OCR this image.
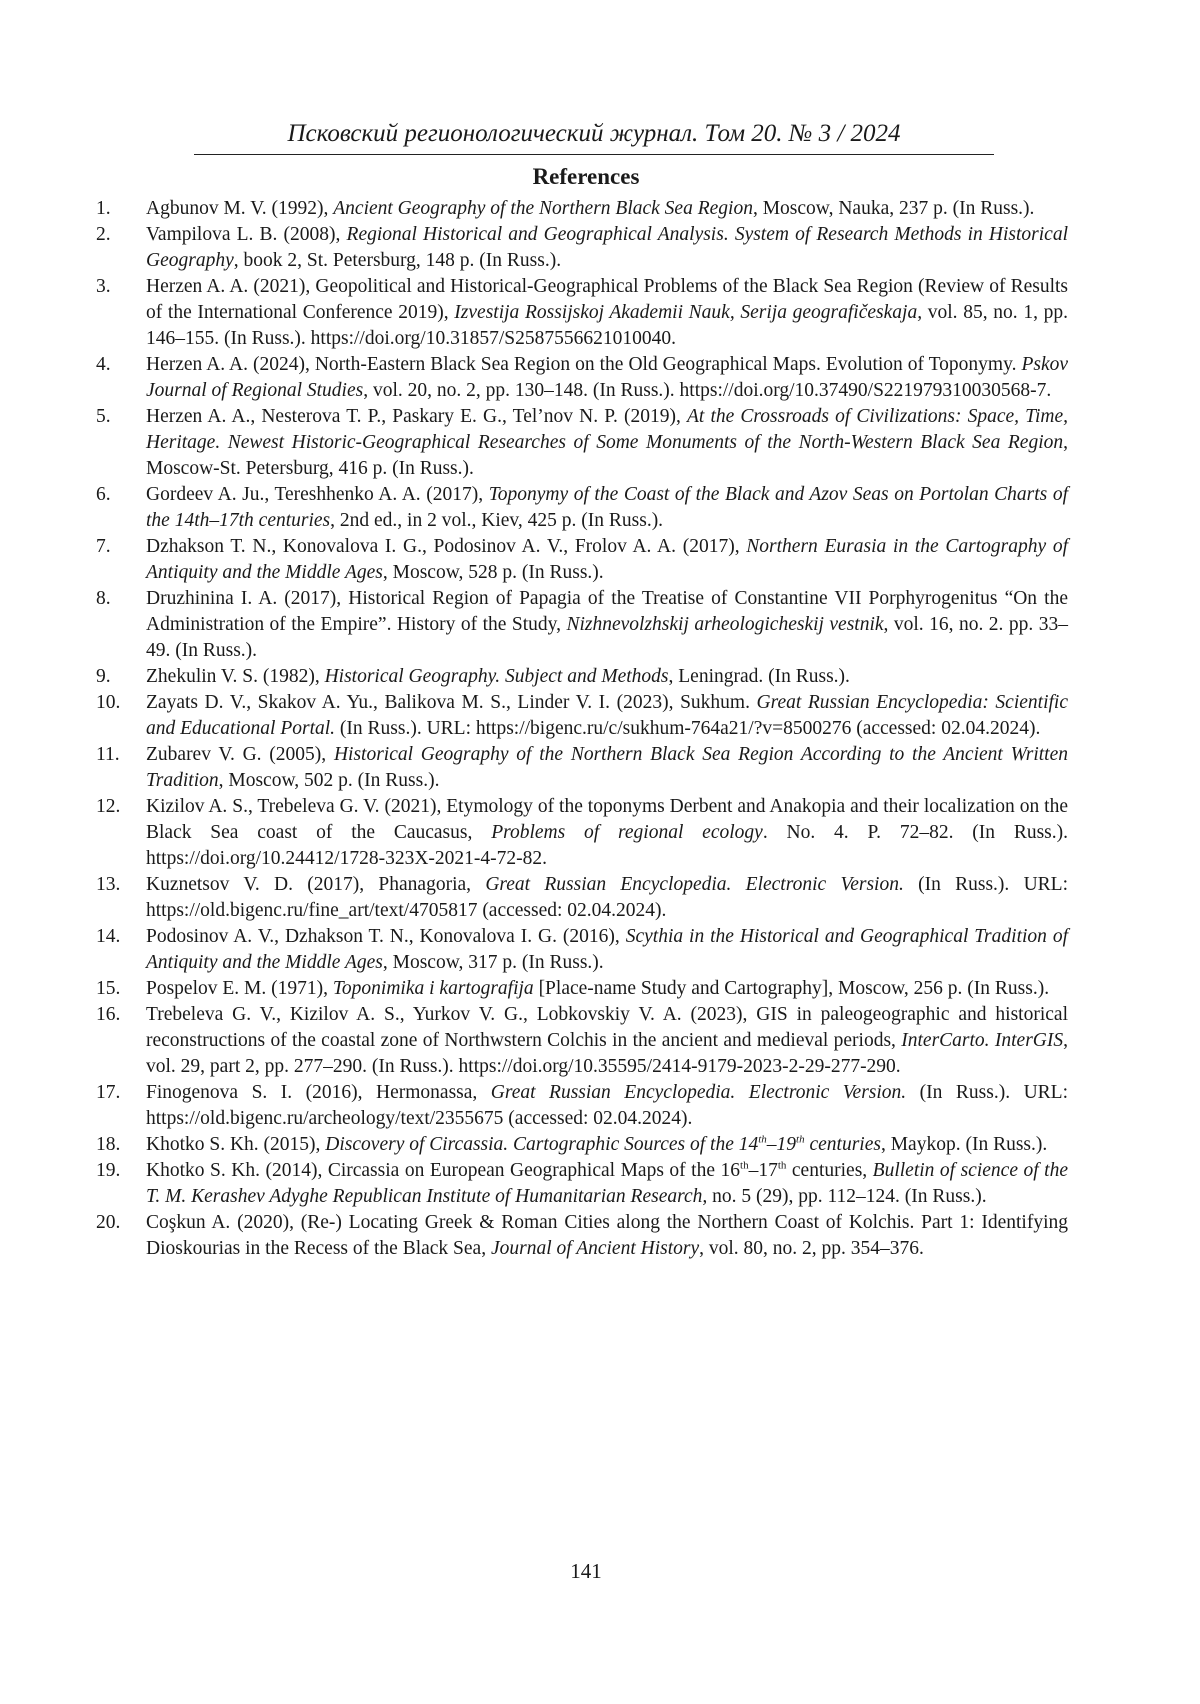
Псковский регионологический журнал. Том 20. № 3 / 2024
References
1.	Agbunov M. V. (1992), Ancient Geography of the Northern Black Sea Region, Moscow, Nauka, 237 p. (In Russ.).
2.	Vampilova L. B. (2008), Regional Historical and Geographical Analysis. System of Research Methods in Historical Geography, book 2, St. Petersburg, 148 p. (In Russ.).
3.	Herzen A. A. (2021), Geopolitical and Historical-Geographical Problems of the Black Sea Region (Review of Results of the International Conference 2019), Izvestija Rossijskoj Akademii Nauk, Serija geografičeskaja, vol. 85, no. 1, pp. 146–155. (In Russ.). https://doi.org/10.31857/S2587556621010040.
4.	Herzen A. A. (2024), North-Eastern Black Sea Region on the Old Geographical Maps. Evolution of Toponymy. Pskov Journal of Regional Studies, vol. 20, no. 2, pp. 130–148. (In Russ.). https://doi.org/10.37490/S221979310030568-7.
5.	Herzen A. A., Nesterova T. P., Paskary E. G., Tel’nov N. P. (2019), At the Crossroads of Civilizations: Space, Time, Heritage. Newest Historic-Geographical Researches of Some Monuments of the North-Western Black Sea Region, Moscow-St. Petersburg, 416 p. (In Russ.).
6.	Gordeev A. Ju., Tereshhenko A. A. (2017), Toponymy of the Coast of the Black and Azov Seas on Portolan Charts of the 14th–17th centuries, 2nd ed., in 2 vol., Kiev, 425 p. (In Russ.).
7.	Dzhakson T. N., Konovalova I. G., Podosinov A. V., Frolov A. A. (2017), Northern Eurasia in the Cartography of Antiquity and the Middle Ages, Moscow, 528 p. (In Russ.).
8.	Druzhinina I. A. (2017), Historical Region of Papagia of the Treatise of Constantine VII Porphyrogenitus “On the Administration of the Empire”. History of the Study, Nizhnevolzhskij arheologicheskij vestnik, vol. 16, no. 2. pp. 33–49. (In Russ.).
9.	Zhekulin V. S. (1982), Historical Geography. Subject and Methods, Leningrad. (In Russ.).
10.	Zayats D. V., Skakov A. Yu., Balikova M. S., Linder V. I. (2023), Sukhum. Great Russian Encyclopedia: Scientific and Educational Portal. (In Russ.). URL: https://bigenc.ru/c/sukhum-764a21/?v=8500276 (accessed: 02.04.2024).
11.	Zubarev V. G. (2005), Historical Geography of the Northern Black Sea Region According to the Ancient Written Tradition, Moscow, 502 p. (In Russ.).
12.	Kizilov A. S., Trebeleva G. V. (2021), Etymology of the toponyms Derbent and Anakopia and their localization on the Black Sea coast of the Caucasus, Problems of regional ecology. No. 4. P. 72–82. (In Russ.). https://doi.org/10.24412/1728-323X-2021-4-72-82.
13.	Kuznetsov V. D. (2017), Phanagoria, Great Russian Encyclopedia. Electronic Version. (In Russ.). URL: https://old.bigenc.ru/fine_art/text/4705817 (accessed: 02.04.2024).
14.	Podosinov A. V., Dzhakson T. N., Konovalova I. G. (2016), Scythia in the Historical and Geographical Tradition of Antiquity and the Middle Ages, Moscow, 317 p. (In Russ.).
15.	Pospelov E. M. (1971), Toponimika i kartografija [Place-name Study and Cartography], Moscow, 256 p. (In Russ.).
16.	Trebeleva G. V., Kizilov A. S., Yurkov V. G., Lobkovskiy V. A. (2023), GIS in paleogeographic and historical reconstructions of the coastal zone of Northwstern Colchis in the ancient and medieval periods, InterCarto. InterGIS, vol. 29, part 2, pp. 277–290. (In Russ.). https://doi.org/10.35595/2414-9179-2023-2-29-277-290.
17.	Finogenova S. I. (2016), Hermonassa, Great Russian Encyclopedia. Electronic Version. (In Russ.). URL: https://old.bigenc.ru/archeology/text/2355675 (accessed: 02.04.2024).
18.	Khotko S. Kh. (2015), Discovery of Circassia. Cartographic Sources of the 14th–19th centuries, Maykop. (In Russ.).
19.	Khotko S. Kh. (2014), Circassia on European Geographical Maps of the 16th–17th centuries, Bulletin of science of the T. M. Kerashev Adyghe Republican Institute of Humanitarian Research, no. 5 (29), pp. 112–124. (In Russ.).
20.	Coşkun A. (2020), (Re-) Locating Greek & Roman Cities along the Northern Coast of Kolchis. Part 1: Identifying Dioskourias in the Recess of the Black Sea, Journal of Ancient History, vol. 80, no. 2, pp. 354–376.
141
